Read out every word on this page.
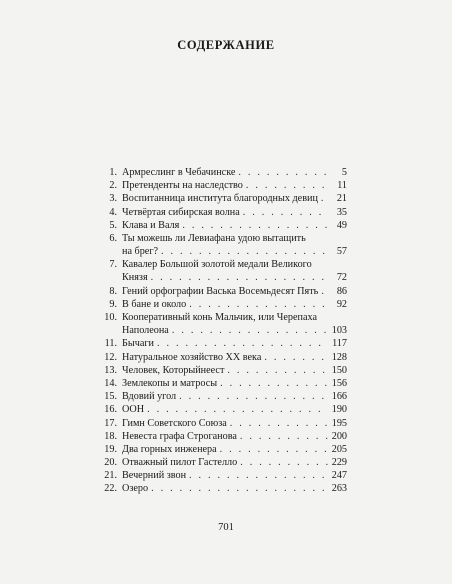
СОДЕРЖАНИЕ
1. Армреслинг в Чебачинске . . .	5
2. Претенденты на наследство . . .	11
3. Воспитанница института благородных девиц . . .	21
4. Четвёртая сибирская волна . . .	35
5. Клава и Валя . . .	49
6. Ты можешь ли Левиафана удою вытащить
на брег? . . .	57
7. Кавалер Большой золотой медали Великого
Князя . . .	72
8. Гений орфографии Васька Восемьдесят Пять . . .	86
9. В бане и около . . .	92
10. Кооперативный конь Мальчик, или Черепаха
Наполеона . . .	103
11. Бычаги . . .	117
12. Натуральное хозяйство XX века . . .	128
13. Человек, Которыйнеест . . .	150
14. Землекопы и матросы . . .	156
15. Вдовий угол . . .	166
16. ООН . . .	190
17. Гимн Советского Союза . . .	195
18. Невеста графа Строганова . . .	200
19. Два горных инженера . . .	205
20. Отважный пилот Гастелло . . .	229
21. Вечерний звон . . .	247
22. Озеро . . .	263
701
